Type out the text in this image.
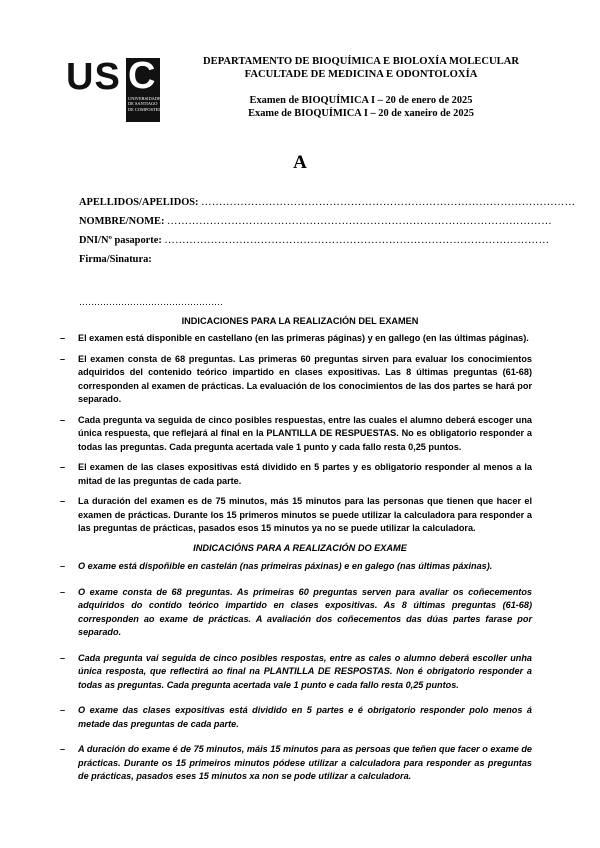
US C
UNIVERSIDADE
DE SANTIAGO
DE COMPOSTELA
DEPARTAMENTO DE BIOQUÍMICA E BIOLOXÍA MOLECULAR
FACULTADE DE MEDICINA E ODONTOLOXÍA
Examen de BIOQUÍMICA I – 20 de enero de 2025
Exame de BIOQUÍMICA I – 20 de xaneiro de 2025
A
APELLIDOS/APELIDOS: ……………………………………………………………………………………………
NOMBRE/NOME: ………………………………………………………………………………………………
DNI/Nº pasaporte: ………………………………………………………………………………………………
Firma/Sinatura:
…………………………………………
INDICACIONES PARA LA REALIZACIÓN DEL EXAMEN
– El examen está disponible en castellano (en las primeras páginas) y en gallego (en las últimas páginas).
– El examen consta de 68 preguntas. Las primeras 60 preguntas sirven para evaluar los conocimientos adquiridos del contenido teórico impartido en clases expositivas. Las 8 últimas preguntas (61-68) corresponden al examen de prácticas. La evaluación de los conocimientos de las dos partes se hará por separado.
– Cada pregunta va seguida de cinco posibles respuestas, entre las cuales el alumno deberá escoger una única respuesta, que reflejará al final en la PLANTILLA DE RESPUESTAS. No es obligatorio responder a todas las preguntas. Cada pregunta acertada vale 1 punto y cada fallo resta 0,25 puntos.
– El examen de las clases expositivas está dividido en 5 partes y es obligatorio responder al menos a la mitad de las preguntas de cada parte.
– La duración del examen es de 75 minutos, más 15 minutos para las personas que tienen que hacer el examen de prácticas. Durante los 15 primeros minutos se puede utilizar la calculadora para responder a las preguntas de prácticas, pasados esos 15 minutos ya no se puede utilizar la calculadora.
INDICACIÓNS PARA A REALIZACIÓN DO EXAME
– O exame está dispoñible en castelán (nas primeiras páxinas) e en galego (nas últimas páxinas).
– O exame consta de 68 preguntas. As primeiras 60 preguntas serven para avaliar os coñecementos adquiridos do contido teórico impartido en clases expositivas. As 8 últimas preguntas (61-68) corresponden ao exame de prácticas. A avaliación dos coñecementos das dúas partes farase por separado.
– Cada pregunta vai seguida de cinco posibles respostas, entre as cales o alumno deberá escoller unha única resposta, que reflectirá ao final na PLANTILLA DE RESPOSTAS. Non é obrigatorio responder a todas as preguntas. Cada pregunta acertada vale 1 punto e cada fallo resta 0,25 puntos.
– O exame das clases expositivas está dividido en 5 partes e é obrigatorio responder polo menos á metade das preguntas de cada parte.
– A duración do exame é de 75 minutos, máis 15 minutos para as persoas que teñen que facer o exame de prácticas. Durante os 15 primeiros minutos pódese utilizar a calculadora para responder as preguntas de prácticas, pasados eses 15 minutos xa non se pode utilizar a calculadora.
